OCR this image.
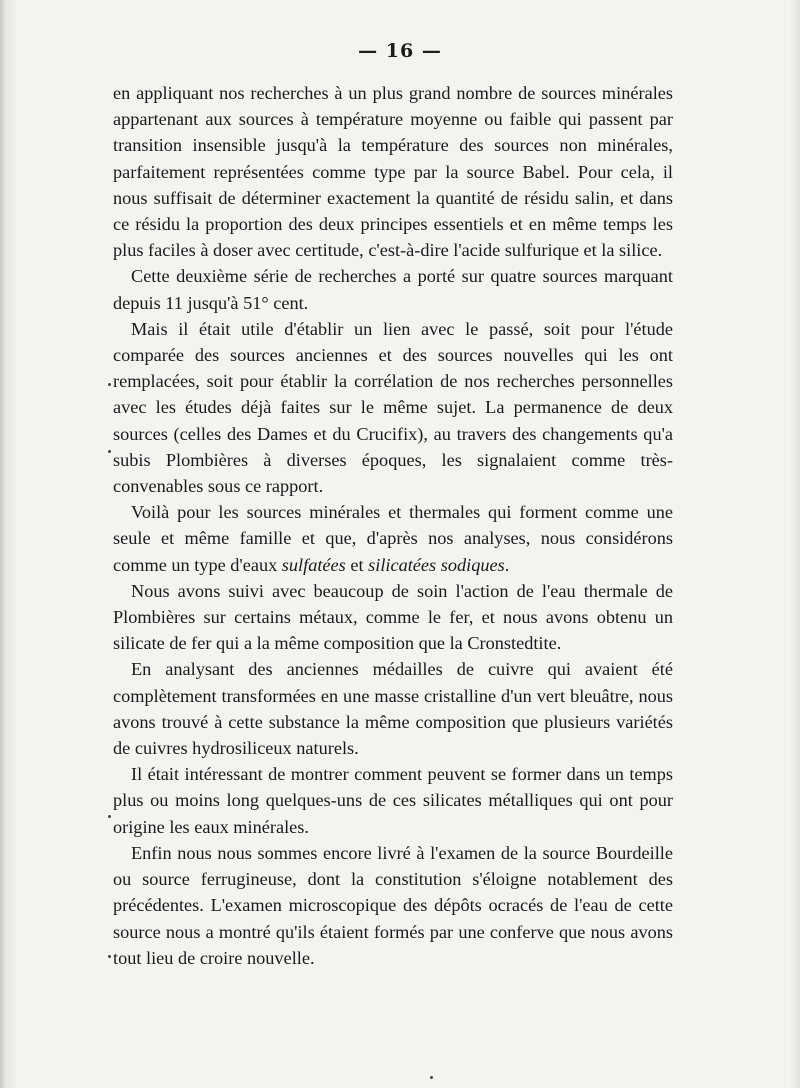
— 16 —

en appliquant nos recherches à un plus grand nombre de sources minérales appartenant aux sources à température moyenne ou faible qui passent par transition insensible jusqu'à la température des sources non minérales, parfaitement représentées comme type par la source Babel. Pour cela, il nous suffisait de déterminer exactement la quantité de résidu salin, et dans ce résidu la proportion des deux principes essentiels et en même temps les plus faciles à doser avec certitude, c'est-à-dire l'acide sulfurique et la silice.

Cette deuxième série de recherches a porté sur quatre sources marquant depuis 11 jusqu'à 51° cent.

Mais il était utile d'établir un lien avec le passé, soit pour l'étude comparée des sources anciennes et des sources nouvelles qui les ont remplacées, soit pour établir la corrélation de nos recherches personnelles avec les études déjà faites sur le même sujet. La permanence de deux sources (celles des Dames et du Crucifix), au travers des changements qu'a subis Plombières à diverses époques, les signalaient comme très-convenables sous ce rapport.

Voilà pour les sources minérales et thermales qui forment comme une seule et même famille et que, d'après nos analyses, nous considérons comme un type d'eaux sulfatées et silicatées sodiques.

Nous avons suivi avec beaucoup de soin l'action de l'eau thermale de Plombières sur certains métaux, comme le fer, et nous avons obtenu un silicate de fer qui a la même composition que la Cronstedtite.

En analysant des anciennes médailles de cuivre qui avaient été complètement transformées en une masse cristalline d'un vert bleuâtre, nous avons trouvé à cette substance la même composition que plusieurs variétés de cuivres hydrosiliceux naturels.

Il était intéressant de montrer comment peuvent se former dans un temps plus ou moins long quelques-uns de ces silicates métalliques qui ont pour origine les eaux minérales.

Enfin nous nous sommes encore livré à l'examen de la source Bourdeille ou source ferrugineuse, dont la constitution s'éloigne notablement des précédentes. L'examen microscopique des dépôts ocracés de l'eau de cette source nous a montré qu'ils étaient formés par une conferve que nous avons tout lieu de croire nouvelle.
